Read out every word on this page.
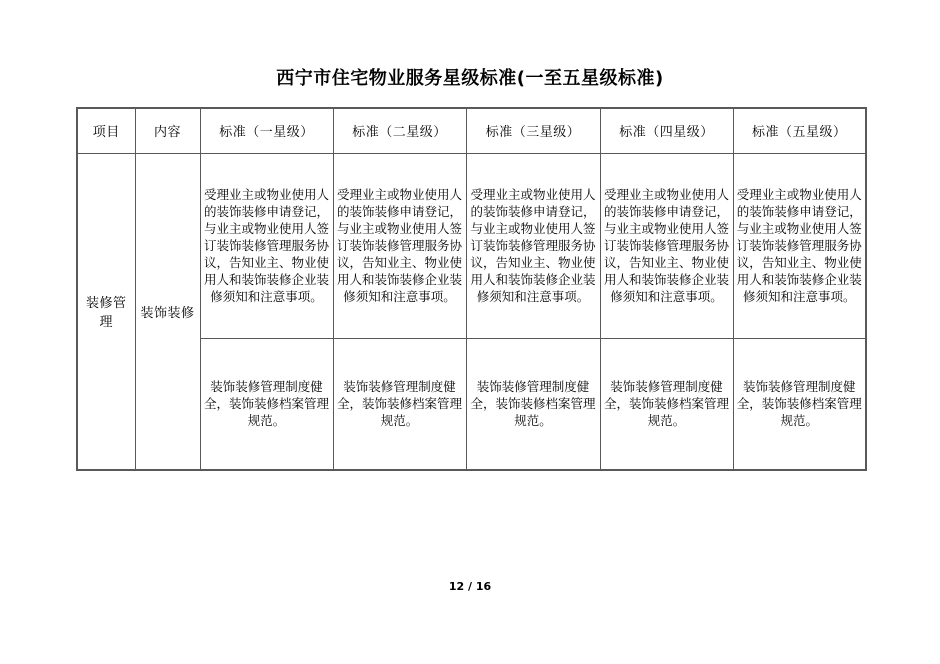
西宁市住宅物业服务星级标准(一至五星级标准)
项目	内容	标准（一星级）	标准（二星级）	标准（三星级）	标准（四星级）	标准（五星级）
装修管理	装饰装修	受理业主或物业使用人的装饰装修申请登记，与业主或物业使用人签订装饰装修管理服务协议，告知业主、物业使用人和装饰装修企业装修须知和注意事项。	受理业主或物业使用人的装饰装修申请登记，与业主或物业使用人签订装饰装修管理服务协议，告知业主、物业使用人和装饰装修企业装修须知和注意事项。	受理业主或物业使用人的装饰装修申请登记，与业主或物业使用人签订装饰装修管理服务协议，告知业主、物业使用人和装饰装修企业装修须知和注意事项。	受理业主或物业使用人的装饰装修申请登记，与业主或物业使用人签订装饰装修管理服务协议，告知业主、物业使用人和装饰装修企业装修须知和注意事项。	受理业主或物业使用人的装饰装修申请登记，与业主或物业使用人签订装饰装修管理服务协议，告知业主、物业使用人和装饰装修企业装修须知和注意事项。
		装饰装修管理制度健全，装饰装修档案管理规范。	装饰装修管理制度健全，装饰装修档案管理规范。	装饰装修管理制度健全，装饰装修档案管理规范。	装饰装修管理制度健全，装饰装修档案管理规范。	装饰装修管理制度健全，装饰装修档案管理规范。
12 / 16
